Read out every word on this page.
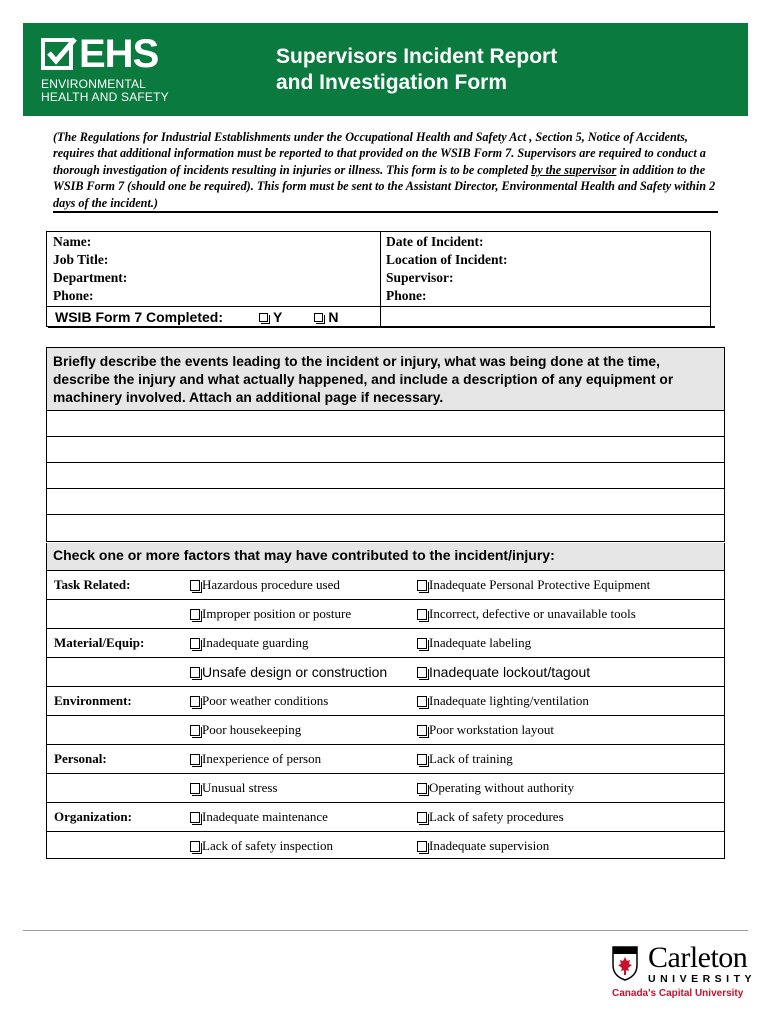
EHS
ENVIRONMENTAL
HEALTH AND SAFETY
Supervisors Incident Report
and Investigation Form
(The Regulations for Industrial Establishments under the Occupational Health and Safety Act , Section 5, Notice of Accidents, requires that additional information must be reported to that provided on the WSIB Form 7. Supervisors are required to conduct a thorough investigation of incidents resulting in injuries or illness. This form is to be completed by the supervisor in addition to the WSIB Form 7 (should one be required). This form must be sent to the Assistant Director, Environmental Health and Safety within 2 days of the incident.)
Name:
Job Title:
Department:
Phone:
Date of Incident:
Location of Incident:
Supervisor:
Phone:
WSIB Form 7 Completed:	Y	N
Briefly describe the events leading to the incident or injury, what was being done at the time, describe the injury and what actually happened, and include a description of any equipment or machinery involved. Attach an additional page if necessary.
Check one or more factors that may have contributed to the incident/injury:
Task Related:	Hazardous procedure used	Inadequate Personal Protective Equipment
Improper position or posture	Incorrect, defective or unavailable tools
Material/Equip:	Inadequate guarding	Inadequate labeling
Unsafe design or construction	Inadequate lockout/tagout
Environment:	Poor weather conditions	Inadequate lighting/ventilation
Poor housekeeping	Poor workstation layout
Personal:	Inexperience of person	Lack of training
Unusual stress	Operating without authority
Organization:	Inadequate maintenance	Lack of safety procedures
Lack of safety inspection	Inadequate supervision
Carleton
UNIVERSITY
Canada's Capital University
